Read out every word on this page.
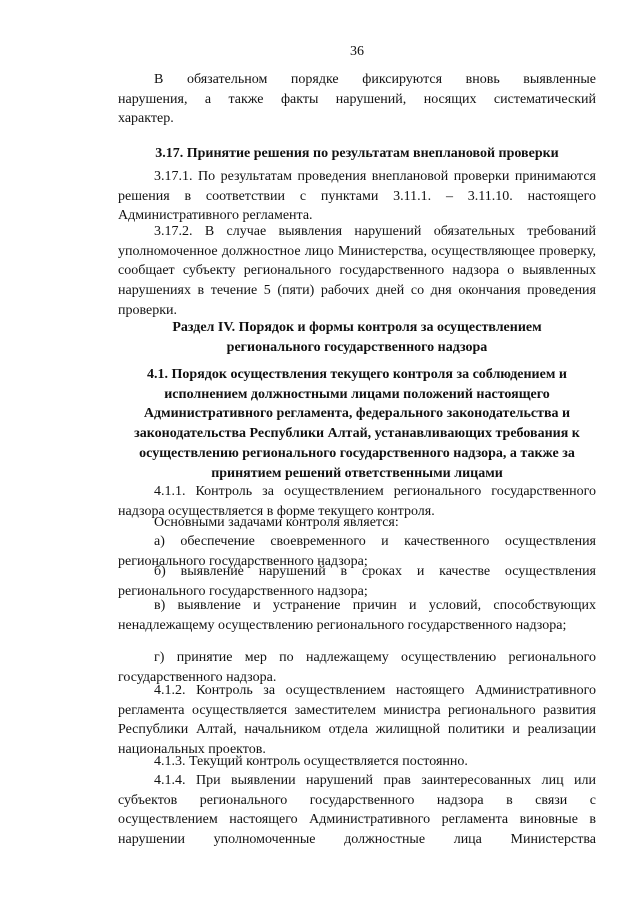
36

В обязательном порядке фиксируются вновь выявленные

нарушения, а также факты нарушений, носящих систематический

характер.

3.17. Принятие решения по результатам внеплановой проверки

3.17.1. По результатам проведения внеплановой проверки принимаются решения в соответствии с пунктами 3.11.1. – 3.11.10. настоящего Административного регламента.

3.17.2. В случае выявления нарушений обязательных требований уполномоченное должностное лицо Министерства, осуществляющее проверку, сообщает субъекту регионального государственного надзора о выявленных нарушениях в течение 5 (пяти) рабочих дней со дня окончания проведения проверки.

Раздел IV. Порядок и формы контроля за осуществлением
регионального государственного надзора
4.1. Порядок осуществления текущего контроля за соблюдением и
исполнением должностными лицами положений настоящего
Административного регламента, федерального законодательства и
законодательства Республики Алтай, устанавливающих требования к
осуществлению регионального государственного надзора, а также за
принятием решений ответственными лицами

4.1.1. Контроль за осуществлением регионального государственного надзора осуществляется в форме текущего контроля.

Основными задачами контроля является:

а) обеспечение своевременного и качественного осуществления регионального государственного надзора;

б) выявление нарушений в сроках и качестве осуществления регионального государственного надзора;

в) выявление и устранение причин и условий, способствующих ненадлежащему осуществлению регионального государственного надзора;

г) принятие мер по надлежащему осуществлению регионального государственного надзора.

4.1.2. Контроль за осуществлением настоящего Административного регламента осуществляется заместителем министра регионального развития Республики Алтай, начальником отдела жилищной политики и реализации национальных проектов.

4.1.3. Текущий контроль осуществляется постоянно.

4.1.4. При выявлении нарушений прав заинтересованных лиц или

субъектов регионального государственного надзора в связи с

осуществлением настоящего Административного регламента виновные в

нарушении уполномоченные должностные лица Министерства
